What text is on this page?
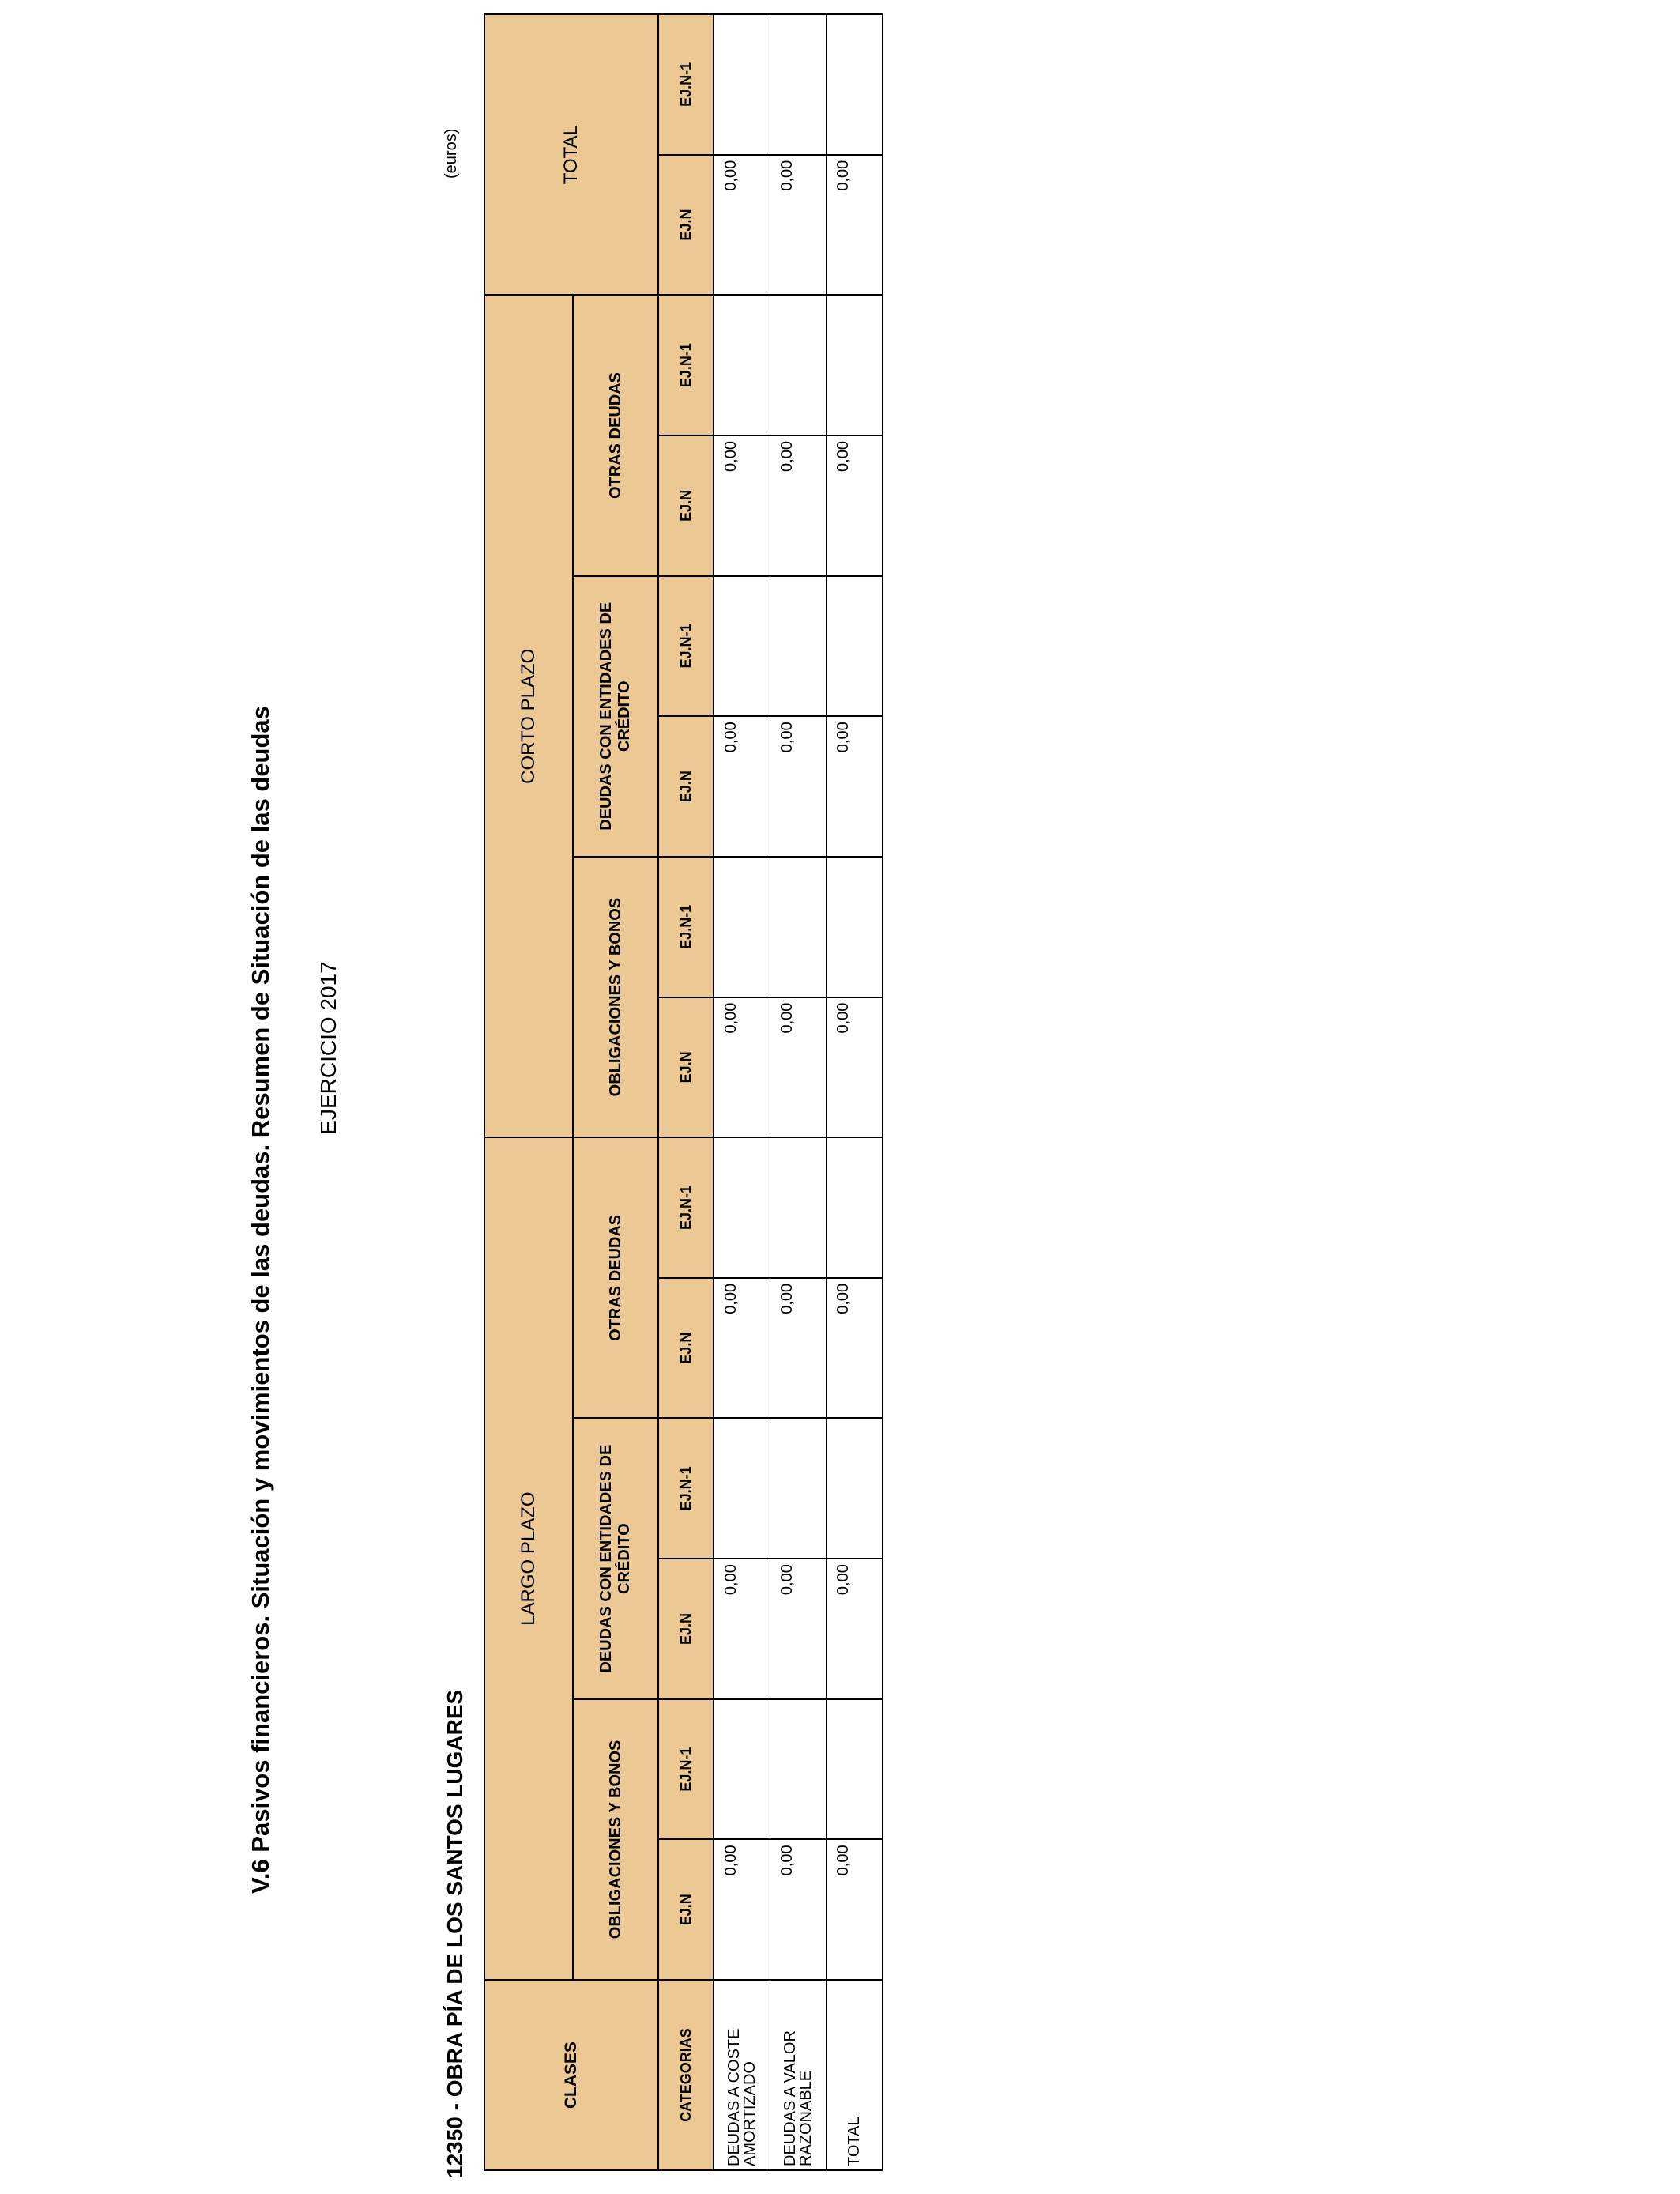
V.6 Pasivos financieros. Situación y movimientos de las deudas. Resumen de Situación de las deudas EJERCICIO 2017
12350 - OBRA PÍA DE LOS SANTOS LUGARES
(euros)
CLASES	LARGO PLAZO						CORTO PLAZO						TOTAL	
	OBLIGACIONES Y BONOS		DEUDAS CON ENTIDADES DE CRÉDITO		OTRAS DEUDAS		OBLIGACIONES Y BONOS		DEUDAS CON ENTIDADES DE CRÉDITO		OTRAS DEUDAS			
CATEGORIAS	EJ.N	EJ.N-1	EJ.N	EJ.N-1	EJ.N	EJ.N-1	EJ.N	EJ.N-1	EJ.N	EJ.N-1	EJ.N	EJ.N-1	EJ.N	EJ.N-1
DEUDAS A COSTE AMORTIZADO	0,00		0,00		0,00		0,00		0,00		0,00		0,00	
DEUDAS A VALOR RAZONABLE	0,00		0,00		0,00		0,00		0,00		0,00		0,00	
TOTAL	0,00		0,00		0,00		0,00		0,00		0,00		0,00	
